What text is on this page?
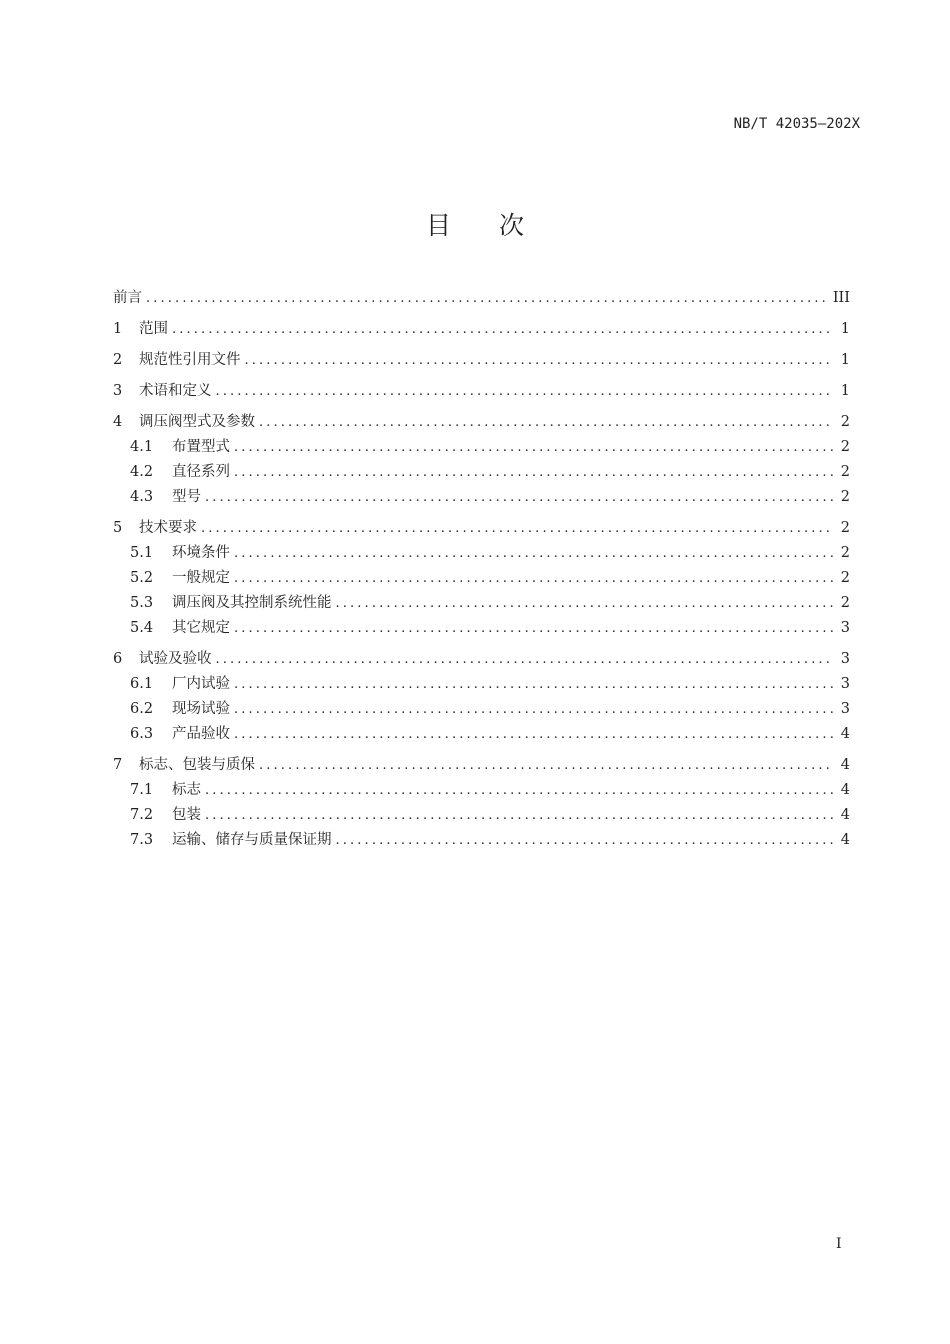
NB/T 42035—202X
目次
前言 . . .	III
1	范围 . . .	1
2	规范性引用文件 . . .	1
3	术语和定义 . . .	1
4	调压阀型式及参数 . . .	2
4.1	布置型式 . . .	2
4.2	直径系列 . . .	2
4.3	型号 . . .	2
5	技术要求 . . .	2
5.1	环境条件 . . .	2
5.2	一般规定 . . .	2
5.3	调压阀及其控制系统性能 . . .	2
5.4	其它规定 . . .	3
6	试验及验收 . . .	3
6.1	厂内试验 . . .	3
6.2	现场试验 . . .	3
6.3	产品验收 . . .	4
7	标志、包装与质保 . . .	4
7.1	标志 . . .	4
7.2	包装 . . .	4
7.3	运输、储存与质量保证期 . . .	4
I
